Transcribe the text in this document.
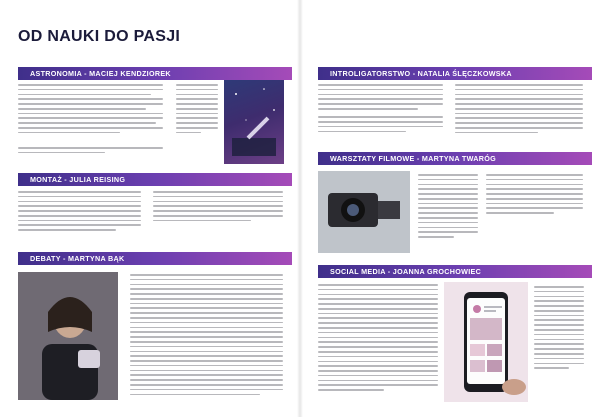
OD NAUKI DO PASJI
ASTRONOMIA - MACIEJ KENDZIOREK
MONTAŻ - JULIA REISING
DEBATY - MARTYNA BĄK
INTROLIGATORSTWO - NATALIA ŚLĘCZKOWSKA
WARSZTATY FILMOWE - MARTYNA TWARÓG
SOCIAL MEDIA - JOANNA GROCHOWIEC
